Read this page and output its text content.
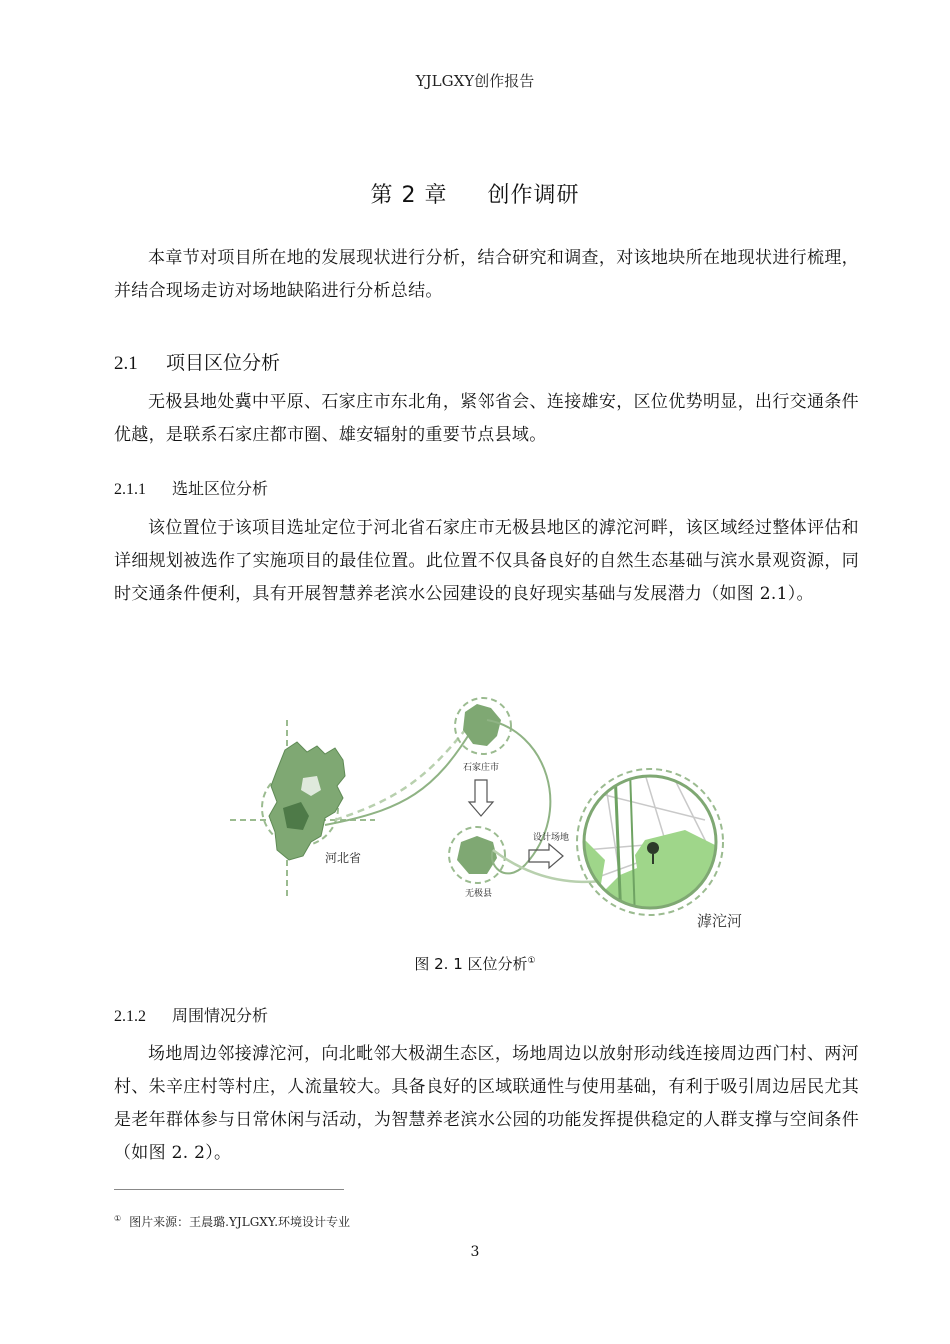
YJLGXY创作报告
第 2 章 创作调研
本章节对项目所在地的发展现状进行分析，结合研究和调查，对该地块所在地现状进行梳理，并结合现场走访对场地缺陷进行分析总结。
2.1 项目区位分析
无极县地处冀中平原、石家庄市东北角，紧邻省会、连接雄安，区位优势明显，出行交通条件优越，是联系石家庄都市圈、雄安辐射的重要节点县域。
2.1.1 选址区位分析
该位置位于该项目选址定位于河北省石家庄市无极县地区的滹沱河畔，该区域经过整体评估和详细规划被选作了实施项目的最佳位置。此位置不仅具备良好的自然生态基础与滨水景观资源，同时交通条件便利，具有开展智慧养老滨水公园建设的良好现实基础与发展潜力（如图 2.1）。
河北省
石家庄市
无极县
设计场地
滹沱河
图 2. 1 区位分析①
2.1.2 周围情况分析
场地周边邻接滹沱河，向北毗邻大极湖生态区，场地周边以放射形动线连接周边西门村、两河村、朱辛庄村等村庄，人流量较大。具备良好的区域联通性与使用基础，有利于吸引周边居民尤其是老年群体参与日常休闲与活动，为智慧养老滨水公园的功能发挥提供稳定的人群支撑与空间条件（如图 2. 2）。
① 图片来源：王晨璐.YJLGXY.环境设计专业
3
